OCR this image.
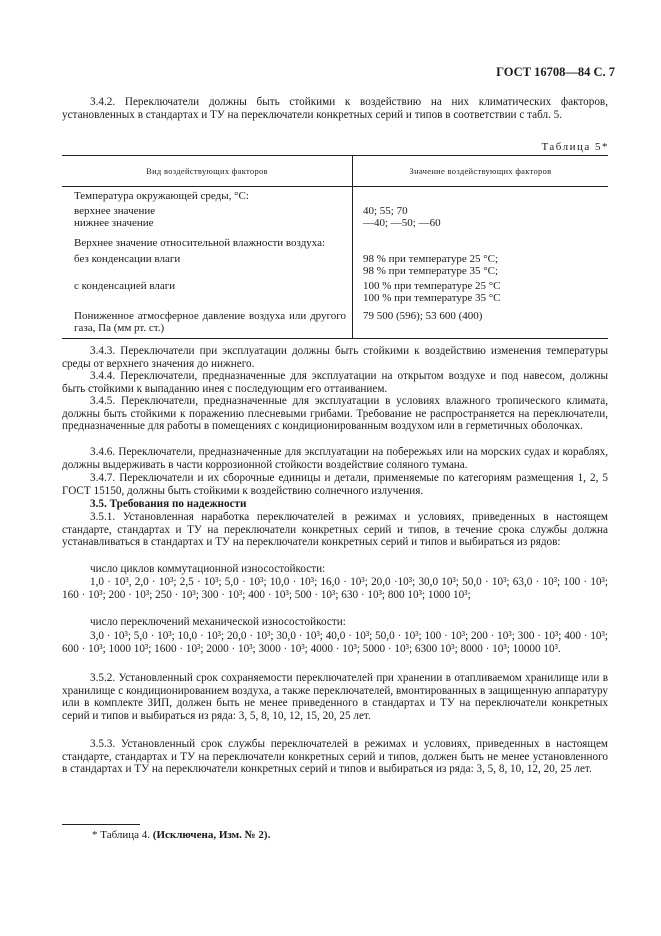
ГОСТ 16708—84 С. 7

3.4.2. Переключатели должны быть стойкими к воздействию на них климатических факторов, установленных в стандартах и ТУ на переключатели конкретных серий и типов в соответствии с табл. 5.

Таблица 5*
Вид воздействующих факторов	Значение воздействующих факторов
Температура окружающей среды, °С:	
верхнее значение	40; 55; 70
нижнее значение	—40; —50; —60
Верхнее значение относительной влажности воздуха:	
без конденсации влаги	98 % при температуре 25 °С;
98 % при температуре 35 °С;

с конденсацией влаги	100 % при температуре 25 °С
100 % при температуре 35 °С

Пониженное атмосферное давление воздуха или другого газа, Па (мм рт. ст.)	79 500 (596); 53 600 (400)

3.4.3. Переключатели при эксплуатации должны быть стойкими к воздействию изменения температуры среды от верхнего значения до нижнего.

3.4.4. Переключатели, предназначенные для эксплуатации на открытом воздухе и под навесом, должны быть стойкими к выпаданию инея с последующим его оттаиванием.

3.4.5. Переключатели, предназначенные для эксплуатации в условиях влажного тропического климата, должны быть стойкими к поражению плесневыми грибами. Требование не распространяется на переключатели, предназначенные для работы в помещениях с кондиционированным воздухом или в герметичных оболочках.

3.4.6. Переключатели, предназначенные для эксплуатации на побережьях или на морских судах и кораблях, должны выдерживать в части коррозионной стойкости воздействие соляного тумана.

3.4.7. Переключатели и их сборочные единицы и детали, применяемые по категориям размещения 1, 2, 5 ГОСТ 15150, должны быть стойкими к воздействию солнечного излучения.

3.5. Требования по надежности

3.5.1. Установленная наработка переключателей в режимах и условиях, приведенных в настоящем стандарте, стандартах и ТУ на переключатели конкретных серий и типов, в течение срока службы должна устанавливаться в стандартах и ТУ на переключатели конкретных серий и типов и выбираться из рядов:

число циклов коммутационной износостойкости:

1,0 · 10³, 2,0 · 10³; 2,5 · 10³; 5,0 · 10³; 10,0 · 10³; 16,0 · 10³; 20,0 ·10³; 30,0 10³; 50,0 · 10³; 63,0 · 10³; 100 · 10³; 160 · 10³; 200 · 10³; 250 · 10³; 300 · 10³; 400 · 10³; 500 · 10³; 630 · 10³; 800 10³; 1000 10³;

число переключений механической износостойкости:

3,0 · 10³; 5,0 · 10³; 10,0 · 10³; 20,0 · 10³; 30,0 · 10³; 40,0 · 10³; 50,0 · 10³; 100 · 10³; 200 · 10³; 300 · 10³; 400 · 10³; 600 · 10³; 1000 10³; 1600 · 10³; 2000 · 10³; 3000 · 10³; 4000 · 10³; 5000 · 10³; 6300 10³; 8000 · 10³; 10000 10³.

3.5.2. Установленный срок сохраняемости переключателей при хранении в отапливаемом хранилище или в хранилище с кондиционированием воздуха, а также переключателей, вмонтированных в защищенную аппаратуру или в комплекте ЗИП, должен быть не менее приведенного в стандартах и ТУ на переключатели конкретных серий и типов и выбираться из ряда: 3, 5, 8, 10, 12, 15, 20, 25 лет.

3.5.3. Установленный срок службы переключателей в режимах и условиях, приведенных в настоящем стандарте, стандартах и ТУ на переключатели конкретных серий и типов, должен быть не менее установленного в стандартах и ТУ на переключатели конкретных серий и типов и выбираться из ряда: 3, 5, 8, 10, 12, 20, 25 лет.

* Таблица 4. (Исключена, Изм. № 2).
